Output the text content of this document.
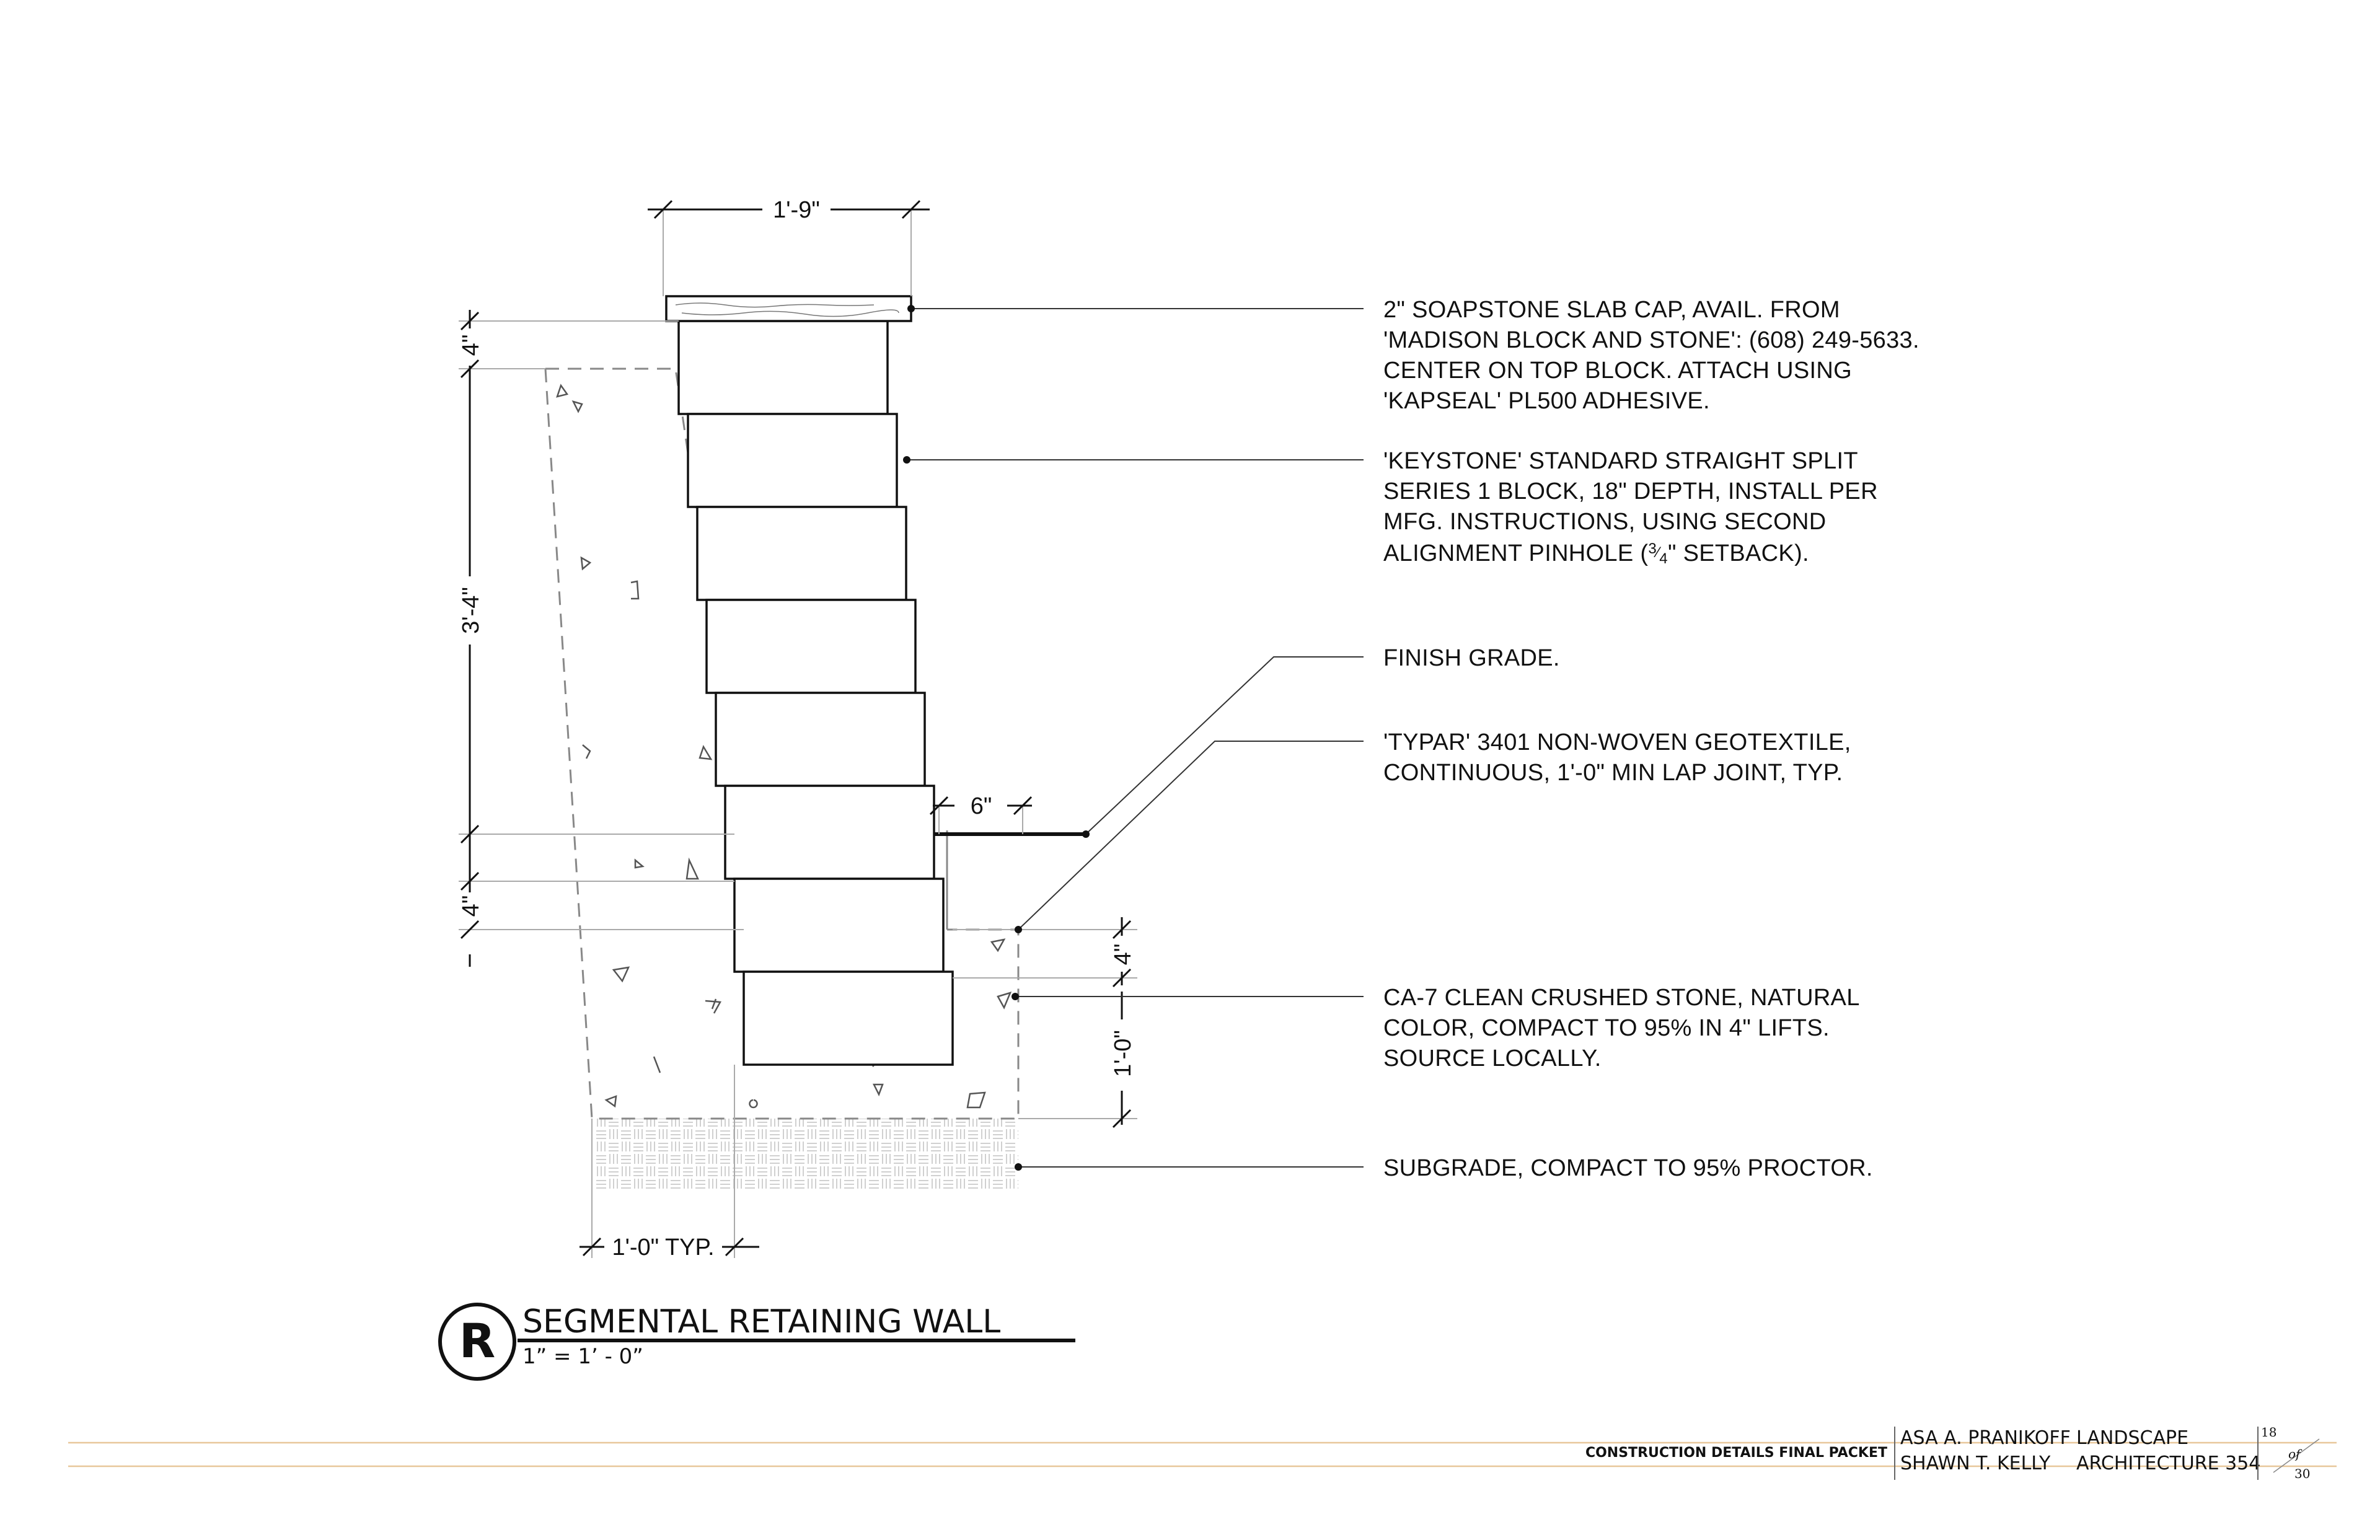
1'-9"
4"
3'-4"
4"
6"
4"
1'-0"
1'-0" TYP.
2" SOAPSTONE SLAB CAP, AVAIL. FROM
'MADISON BLOCK AND STONE': (608) 249-5633.
CENTER ON TOP BLOCK. ATTACH USING
'KAPSEAL' PL500 ADHESIVE.
'KEYSTONE' STANDARD STRAIGHT SPLIT
SERIES 1 BLOCK, 18" DEPTH, INSTALL PER
MFG. INSTRUCTIONS, USING SECOND
ALIGNMENT PINHOLE ($^3⁄_4$" SETBACK).
FINISH GRADE.
'TYPAR' 3401 NON-WOVEN GEOTEXTILE,
CONTINUOUS, 1'-0" MIN LAP JOINT, TYP.
CA-7 CLEAN CRUSHED STONE, NATURAL
COLOR, COMPACT TO 95% IN 4" LIFTS.
SOURCE LOCALLY.
SUBGRADE, COMPACT TO 95% PROCTOR.
R SEGMENTAL RETAINING WALL
1” = 1’ - 0”
CONSTRUCTION DETAILS FINAL PACKET
ASA A. PRANIKOFF
SHAWN T. KELLY
LANDSCAPE
ARCHITECTURE 354
18
of
30
